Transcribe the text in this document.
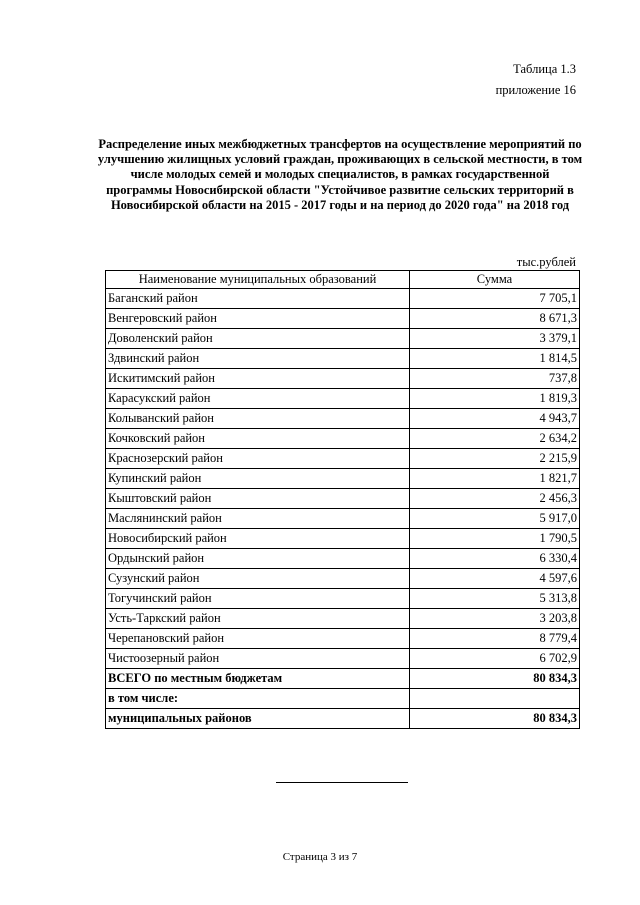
Таблица 1.3
приложение 16
Распределение иных межбюджетных трансфертов на осуществление мероприятий по улучшению жилищных условий граждан, проживающих в сельской местности, в том числе молодых семей и молодых специалистов, в рамках государственной программы Новосибирской области "Устойчивое развитие сельских территорий в Новосибирской области на 2015 - 2017 годы и на период до 2020 года" на 2018 год
тыс.рублей
Наименование муниципальных образований	Сумма
Баганский район	7 705,1
Венгеровский район	8 671,3
Доволенский район	3 379,1
Здвинский район	1 814,5
Искитимский район	737,8
Карасукский район	1 819,3
Колыванский район	4 943,7
Кочковский район	2 634,2
Краснозерский район	2 215,9
Купинский район	1 821,7
Кыштовский район	2 456,3
Маслянинский район	5 917,0
Новосибирский район	1 790,5
Ордынский район	6 330,4
Сузунский район	4 597,6
Тогучинский район	5 313,8
Усть-Таркский район	3 203,8
Черепановский район	8 779,4
Чистоозерный район	6 702,9
ВСЕГО по местным бюджетам	80 834,3
в том числе:	
муниципальных районов	80 834,3
Страница 3 из 7
